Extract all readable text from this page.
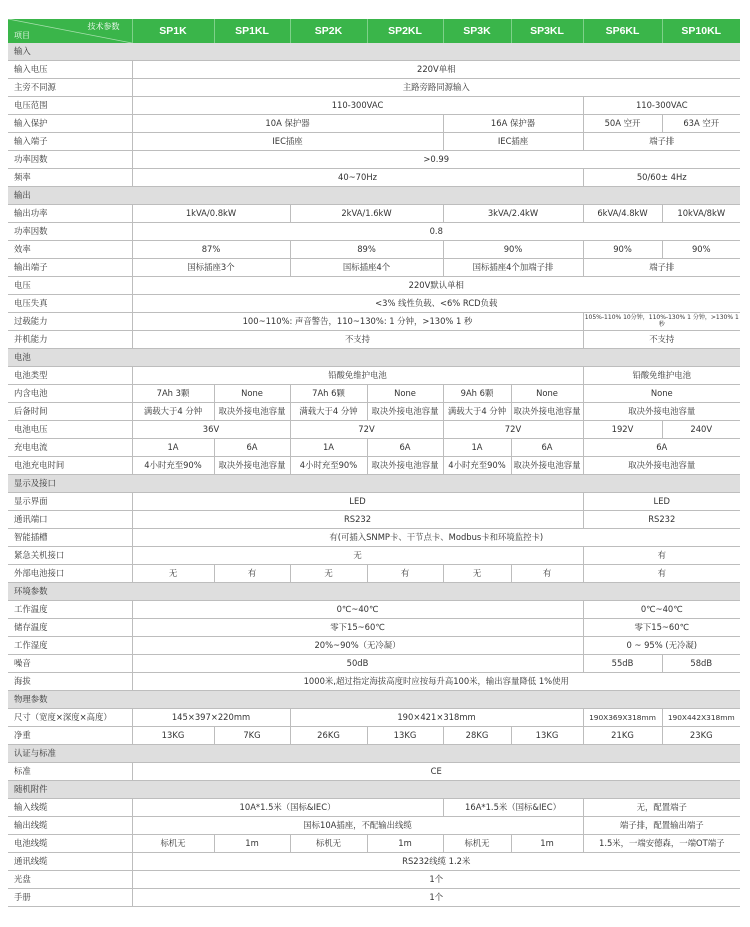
技术参数
项目	SP1K	SP1KL	SP2K	SP2KL	SP3K	SP3KL	SP6KL	SP10KL
输入								
输入电压	220V单相							
主旁不同源	主路旁路同源输入							
电压范围	110-300VAC						110-300VAC	
输入保护	10A 保护器				16A 保护器		50A 空开	63A 空开
输入端子	IEC插座				IEC插座		端子排	
功率因数	>0.99							
频率	40~70Hz						50/60± 4Hz	
输出								
输出功率	1kVA/0.8kW		2kVA/1.6kW		3kVA/2.4kW		6kVA/4.8kW	10kVA/8kW
功率因数	0.8							
效率	87%		89%		90%		90%	90%
输出端子	国标插座3个		国标插座4个		国标插座4个加端子排		端子排	
电压	220V默认单相							
电压失真	<3% 线性负载、<6% RCD负载							
过载能力	100~110%: 声音警告，110~130%: 1 分钟，>130% 1 秒						105%-110% 10分钟，110%-130% 1 分钟，>130% 1秒	
并机能力	不支持						不支持	
电池								
电池类型	铅酸免维护电池						铅酸免维护电池	
内含电池	7Ah 3颗	None	7Ah 6颗	None	9Ah 6颗	None	None	
后备时间	满载大于4 分钟	取决外接电池容量	满载大于4 分钟	取决外接电池容量	满载大于4 分钟	取决外接电池容量	取决外接电池容量	
电池电压	36V		72V		72V		192V	240V
充电电流	1A	6A	1A	6A	1A	6A	6A	
电池充电时间	4小时充至90%	取决外接电池容量	4小时充至90%	取决外接电池容量	4小时充至90%	取决外接电池容量	取决外接电池容量	
显示及接口								
显示界面	LED						LED	
通讯端口	RS232						RS232	
智能插槽	有(可插入SNMP卡、干节点卡、Modbus卡和环境监控卡)							
紧急关机接口	无						有	
外部电池接口	无	有	无	有	无	有	有	
环境参数								
工作温度	0℃~40℃						0℃~40℃	
储存温度	零下15~60℃						零下15~60℃	
工作湿度	20%~90%（无冷凝）						0 ~ 95% (无冷凝)	
噪音	50dB						55dB	58dB
海拔	1000米,超过指定海拔高度时应按每升高100米，输出容量降低 1%使用							
物理参数								
尺寸（宽度×深度×高度）	145×397×220mm		190×421×318mm				190X369X318mm	190X442X318mm
净重	13KG	7KG	26KG	13KG	28KG	13KG	21KG	23KG
认证与标准								
标准	CE							
随机附件								
输入线缆	10A*1.5米（国标&IEC）				16A*1.5米（国标&IEC）		无，配置端子	
输出线缆	国标10A插座，不配输出线缆						端子排，配置输出端子	
电池线缆	标机无	1m	标机无	1m	标机无	1m	1.5米，一端安德森，一端OT端子	
通讯线缆	RS232线缆 1.2米							
光盘	1个							
手册	1个							
